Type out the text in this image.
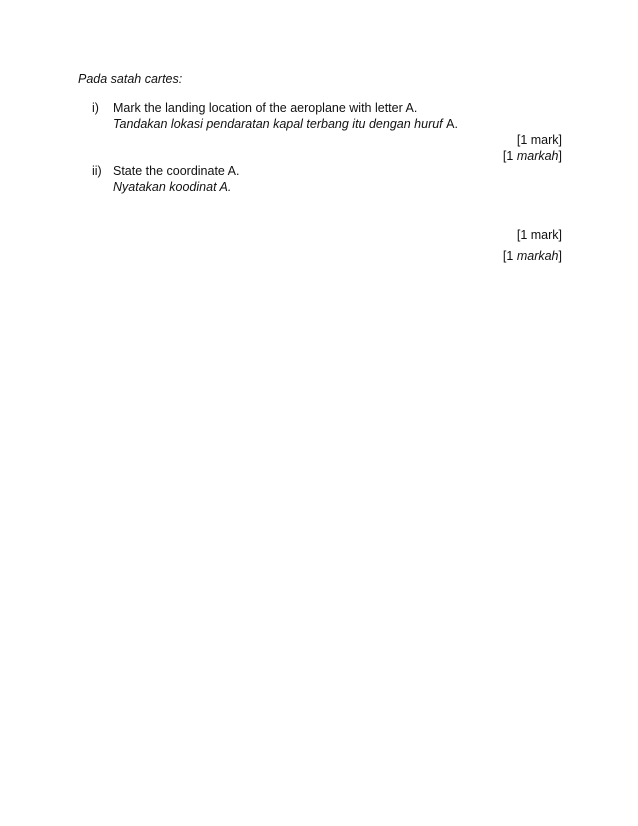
Pada satah cartes:
i) Mark the landing location of the aeroplane with letter A.
Tandakan lokasi pendaratan kapal terbang itu dengan huruf A.
[1 mark]
[1 markah]
ii) State the coordinate A.
Nyatakan koodinat A.
[1 mark]
[1 markah]
